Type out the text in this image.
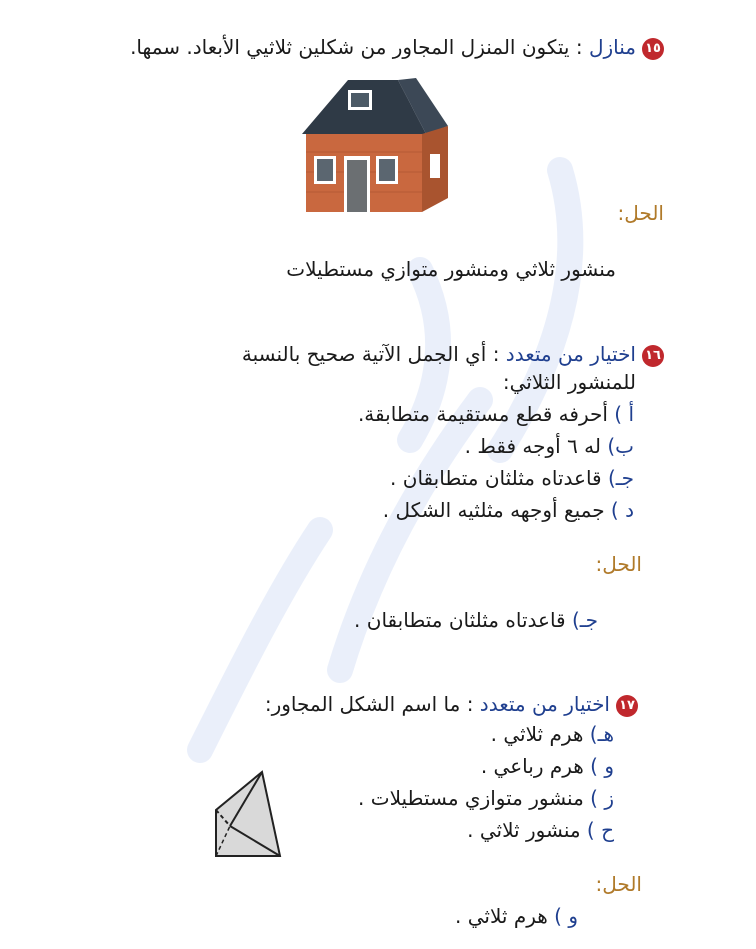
١٥منازل : يتكون المنزل المجاور من شكلين ثلاثيي الأبعاد. سمها.
الحل:
منشور ثلاثي ومنشور متوازي مستطيلات
١٦اختيار من متعدد : أي الجمل الآتية صحيح بالنسبة
للمنشور الثلاثي:
أ ) أحرفه قطع مستقيمة متطابقة.
ب) له ٦ أوجه فقط .
جـ) قاعدتاه مثلثان متطابقان .
د ) جميع أوجهه مثلثيه الشكل .
الحل:
جـ) قاعدتاه مثلثان متطابقان .
١٧اختيار من متعدد : ما اسم الشكل المجاور:
هـ) هرم ثلاثي .
و ) هرم رباعي .
ز ) منشور متوازي مستطيلات .
ح ) منشور ثلاثي .
الحل:
و ) هرم ثلاثي .
